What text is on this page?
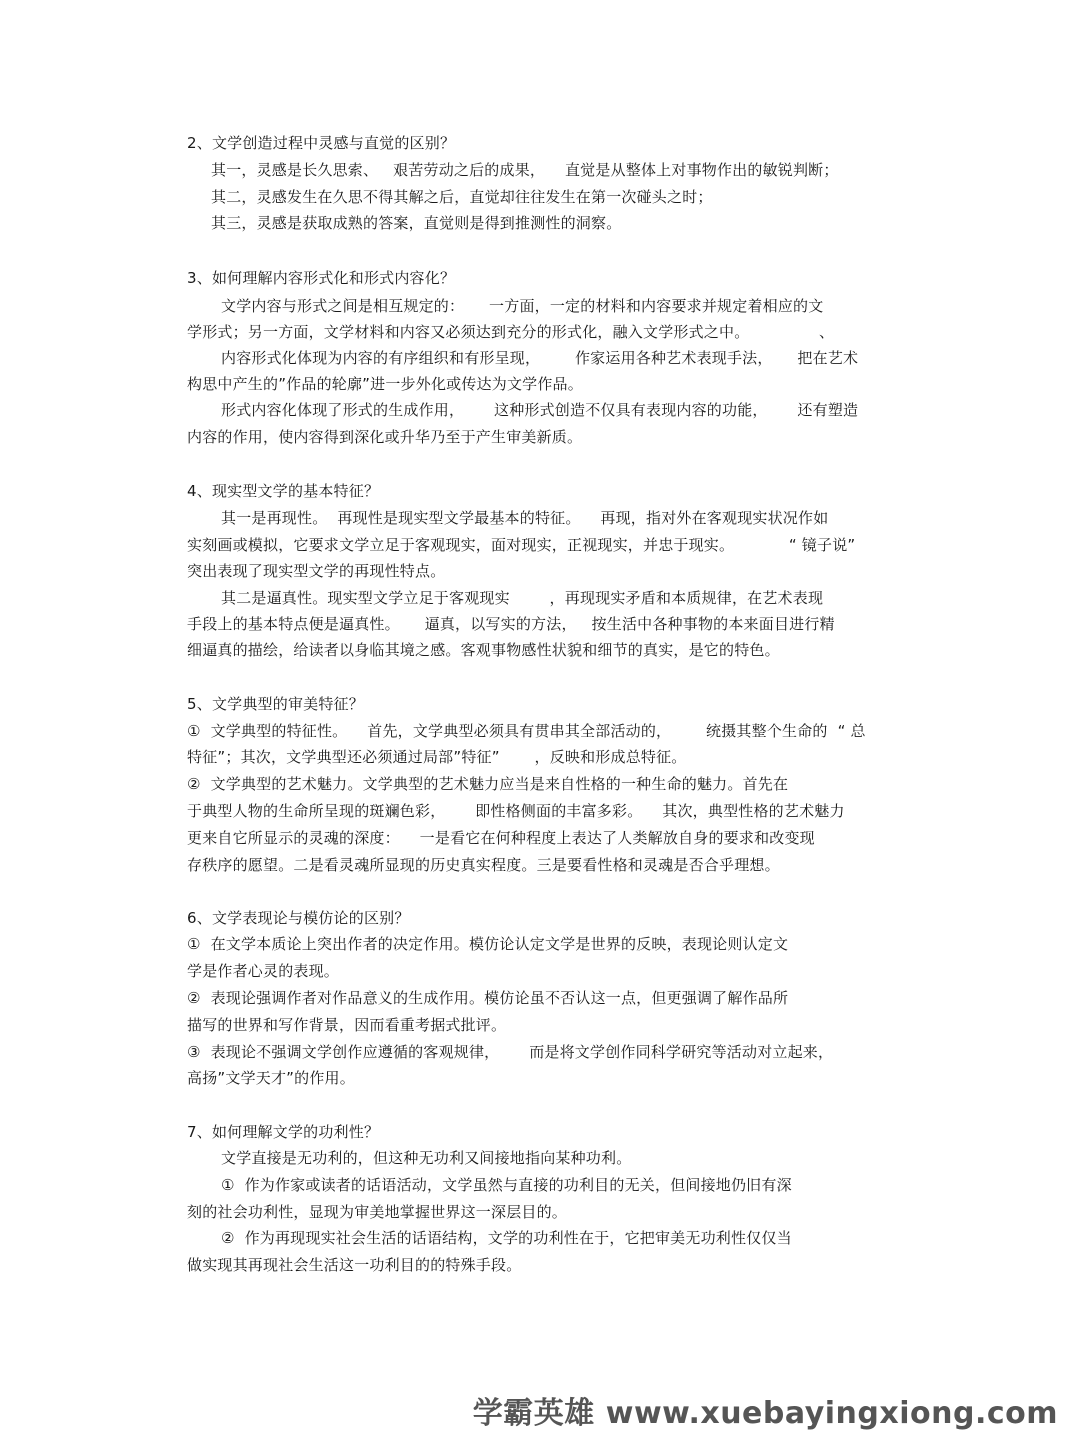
2、文学创造过程中灵感与直觉的区别？
其一，灵感是长久思索、   艰苦劳动之后的成果，    直觉是从整体上对事物作出的敏锐判断；
其二，灵感发生在久思不得其解之后，直觉却往往发生在第一次碰头之时；
其三，灵感是获取成熟的答案，直觉则是得到推测性的洞察。
3、如何理解内容形式化和形式内容化？
文学内容与形式之间是相互规定的：     一方面，一定的材料和内容要求并规定着相应的文
学形式；另一方面，文学材料和内容又必须达到充分的形式化，融入文学形式之中。              、
内容形式化体现为内容的有序组织和有形呈现，       作家运用各种艺术表现手法，     把在艺术
构思中产生的”作品的轮廓”进一步外化或传达为文学作品。
形式内容化体现了形式的生成作用，      这种形式创造不仅具有表现内容的功能，      还有塑造
内容的作用，使内容得到深化或升华乃至于产生审美新质。
4、现实型文学的基本特征？
其一是再现性。  再现性是现实型文学最基本的特征。    再现，指对外在客观现实状况作如
实刻画或模拟，它要求文学立足于客观现实，面对现实，正视现实，并忠于现实。           “ 镜子说”
突出表现了现实型文学的再现性特点。
其二是逼真性。现实型文学立足于客观现实        ，再现现实矛盾和本质规律，在艺术表现
手段上的基本特点便是逼真性。     逼真，以写实的方法，   按生活中各种事物的本来面目进行精
细逼真的描绘，给读者以身临其境之感。客观事物感性状貌和细节的真实，是它的特色。
5、文学典型的审美特征？
①  文学典型的特征性。    首先，文学典型必须具有贯串其全部活动的，       统摄其整个生命的  “ 总
特征”；其次，文学典型还必须通过局部”特征”       ，反映和形成总特征。
②  文学典型的艺术魅力。文学典型的艺术魅力应当是来自性格的一种生命的魅力。首先在
于典型人物的生命所呈现的斑斓色彩，      即性格侧面的丰富多彩。    其次，典型性格的艺术魅力
更来自它所显示的灵魂的深度：    一是看它在何种程度上表达了人类解放自身的要求和改变现
存秩序的愿望。二是看灵魂所显现的历史真实程度。三是要看性格和灵魂是否合乎理想。
6、文学表现论与模仿论的区别？
①  在文学本质论上突出作者的决定作用。模仿论认定文学是世界的反映，表现论则认定文
学是作者心灵的表现。
②  表现论强调作者对作品意义的生成作用。模仿论虽不否认这一点，但更强调了解作品所
描写的世界和写作背景，因而看重考据式批评。
③  表现论不强调文学创作应遵循的客观规律，      而是将文学创作同科学研究等活动对立起来，
高扬”文学天才”的作用。
7、如何理解文学的功利性？
文学直接是无功利的，但这种无功利又间接地指向某种功利。
①  作为作家或读者的话语活动，文学虽然与直接的功利目的无关，但间接地仍旧有深
刻的社会功利性，显现为审美地掌握世界这一深层目的。
②  作为再现现实社会生活的话语结构，文学的功利性在于，它把审美无功利性仅仅当
做实现其再现社会生活这一功利目的的特殊手段。
学霸英雄 www.xuebayingxiong.com
